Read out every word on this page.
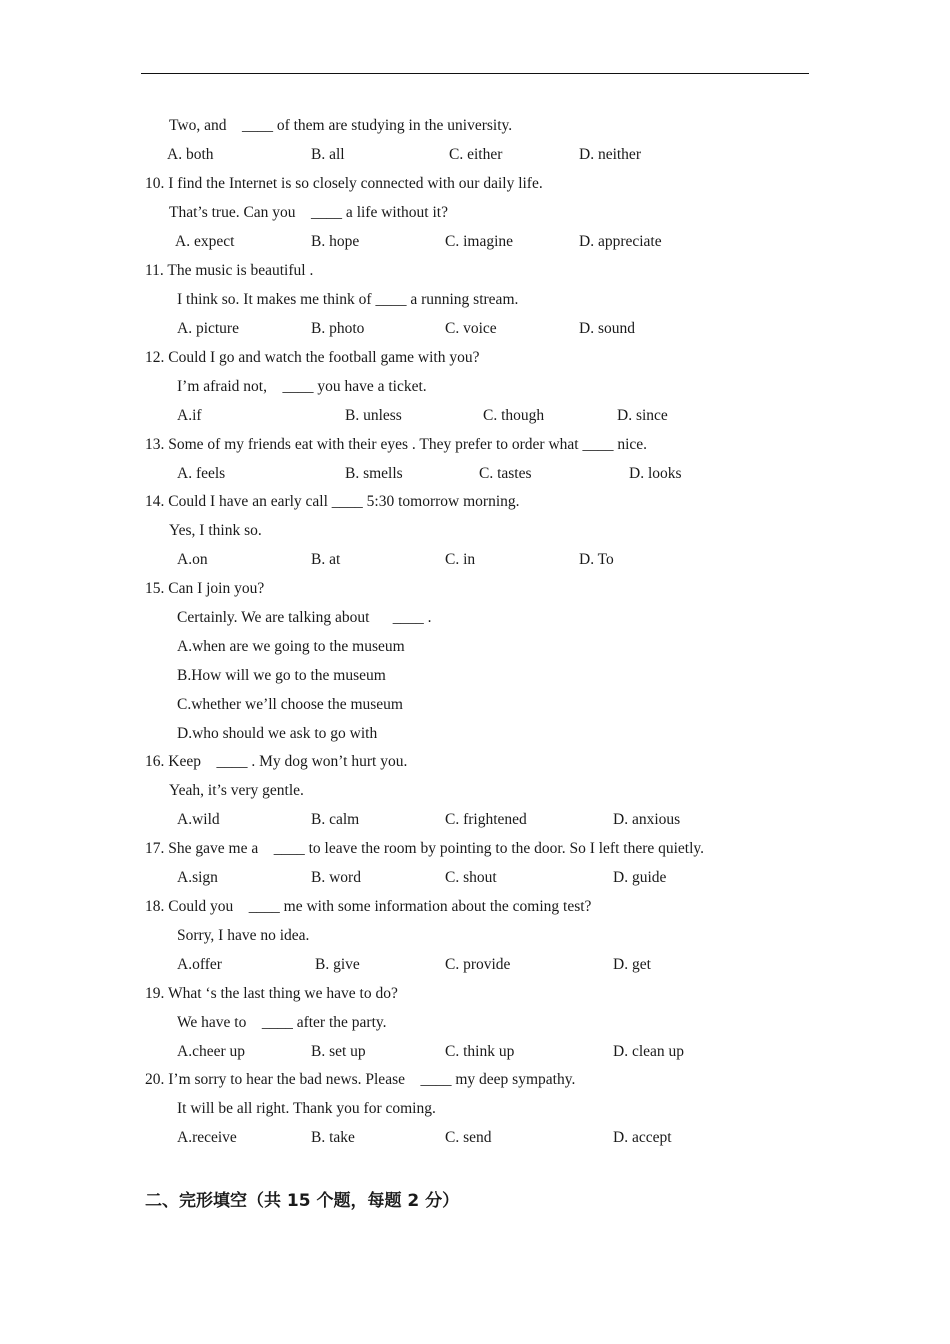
Two, and    ____ of them are studying in the university.
A. both	B. all	C. either	D. neither
10. I find the Internet is so closely connected with our daily life.
That’s true. Can you    ____ a life without it?
A. expect	B. hope	C. imagine	D. appreciate
11. The music is beautiful .
I think so. It makes me think of ____ a running stream.
A. picture	B. photo	C. voice	D. sound
12. Could I go and watch the football game with you?
I’m afraid not,    ____ you have a ticket.
A.if	B. unless	C. though	D. since
13. Some of my friends eat with their eyes . They prefer to order what ____ nice.
A. feels	B. smells	C. tastes	D. looks
14. Could I have an early call ____ 5:30 tomorrow morning.
Yes, I think so.
A.on	B. at	C. in	D. To
15. Can I join you?
Certainly. We are talking about      ____ .
A.when are we going to the museum
B.How will we go to the museum
C.whether we’ll choose the museum
D.who should we ask to go with
16. Keep    ____ . My dog won’t hurt you.
Yeah, it’s very gentle.
A.wild	B. calm	C. frightened	D. anxious
17. She gave me a    ____ to leave the room by pointing to the door. So I left there quietly.
A.sign	B. word	C. shout	D. guide
18. Could you    ____ me with some information about the coming test?
Sorry, I have no idea.
A.offer	B. give	C. provide	D. get
19. What ‘s the last thing we have to do?
We have to    ____ after the party.
A.cheer up	B. set up	C. think up	D. clean up
20. I’m sorry to hear the bad news. Please    ____ my deep sympathy.
It will be all right. Thank you for coming.
A.receive	B. take	C. send	D. accept
二、完形填空（共 15 个题，每题 2 分）
